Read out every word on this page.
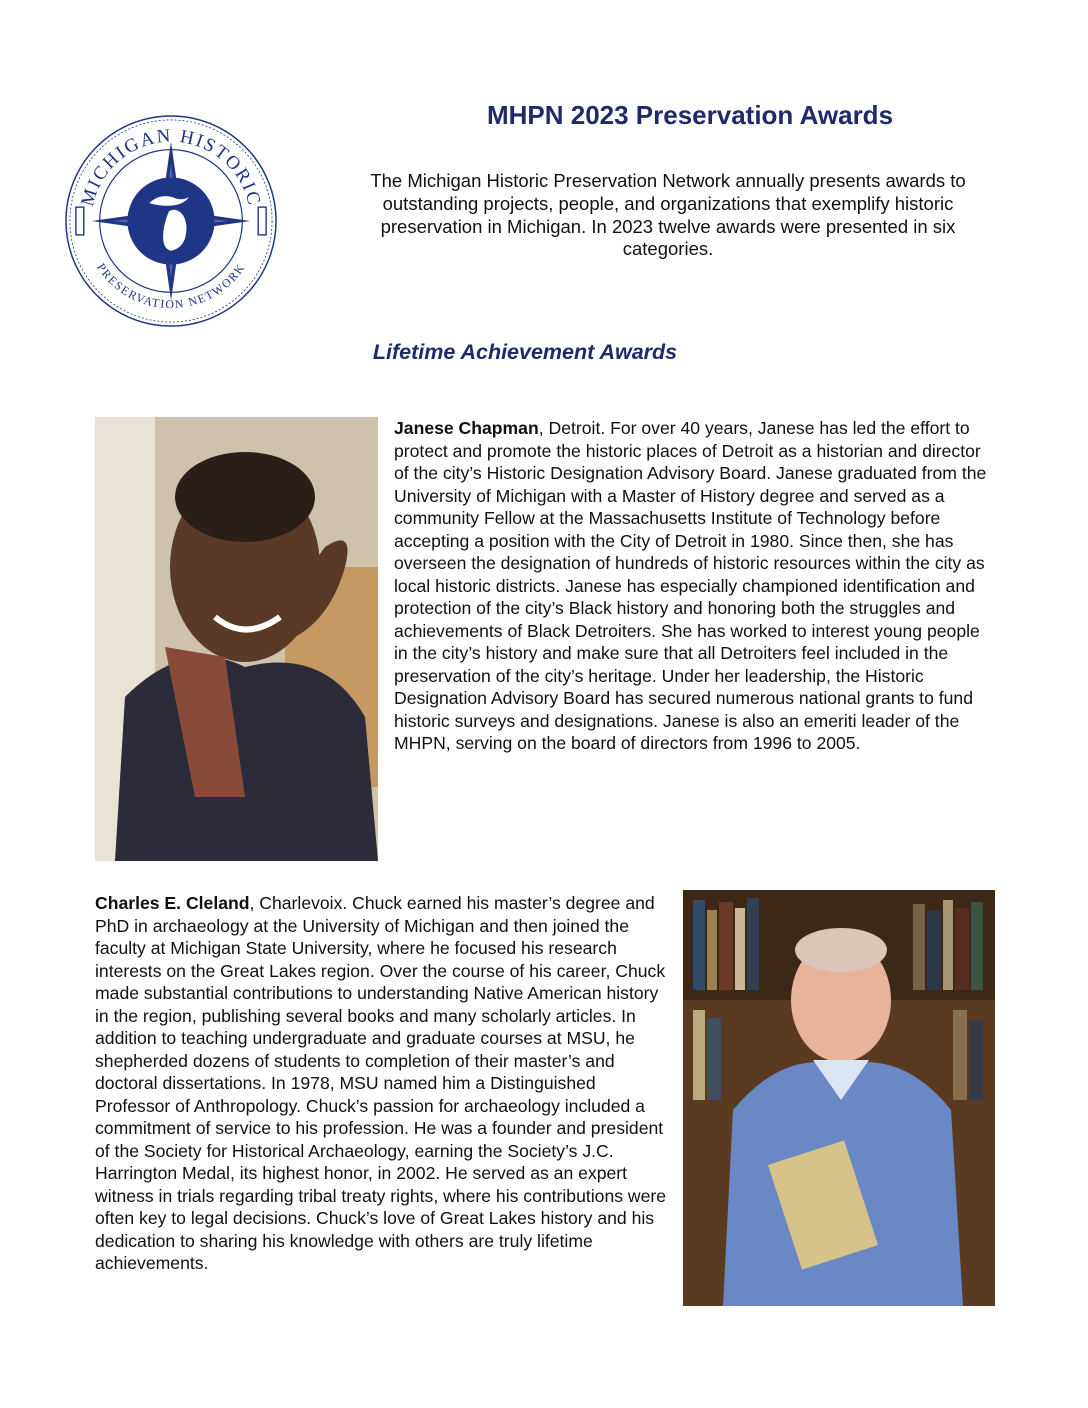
MICHIGAN HISTORIC
PRESERVATION NETWORK
MHPN 2023 Preservation Awards

The Michigan Historic Preservation Network annually presents awards to outstanding projects, people, and organizations that exemplify historic preservation in Michigan. In 2023 twelve awards were presented in six categories.

Lifetime Achievement Awards

Janese Chapman, Detroit. For over 40 years, Janese has led the effort to protect and promote the historic places of Detroit as a historian and director of the city’s Historic Designation Advisory Board. Janese graduated from the University of Michigan with a Master of History degree and served as a community Fellow at the Massachusetts Institute of Technology before accepting a position with the City of Detroit in 1980. Since then, she has overseen the designation of hundreds of historic resources within the city as local historic districts. Janese has especially championed identification and protection of the city’s Black history and honoring both the struggles and achievements of Black Detroiters. She has worked to interest young people in the city’s history and make sure that all Detroiters feel included in the preservation of the city’s heritage. Under her leadership, the Historic Designation Advisory Board has secured numerous national grants to fund historic surveys and designations. Janese is also an emeriti leader of the MHPN, serving on the board of directors from 1996 to 2005.

Charles E. Cleland, Charlevoix. Chuck earned his master’s degree and PhD in archaeology at the University of Michigan and then joined the faculty at Michigan State University, where he focused his research interests on the Great Lakes region. Over the course of his career, Chuck made substantial contributions to understanding Native American history in the region, publishing several books and many scholarly articles. In addition to teaching undergraduate and graduate courses at MSU, he shepherded dozens of students to completion of their master’s and doctoral dissertations. In 1978, MSU named him a Distinguished Professor of Anthropology. Chuck’s passion for archaeology included a commitment of service to his profession. He was a founder and president of the Society for Historical Archaeology, earning the Society’s J.C. Harrington Medal, its highest honor, in 2002. He served as an expert witness in trials regarding tribal treaty rights, where his contributions were often key to legal decisions. Chuck’s love of Great Lakes history and his dedication to sharing his knowledge with others are truly lifetime achievements.
